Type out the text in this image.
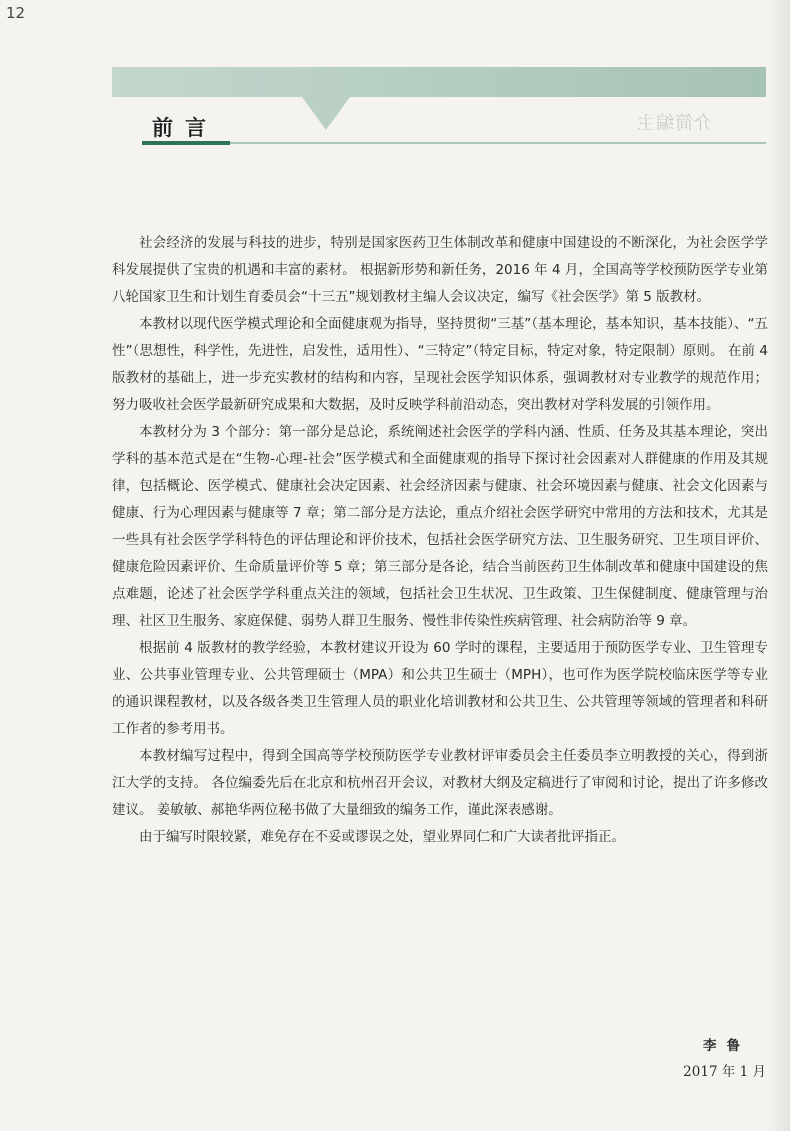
12
前言	介简编主

社会经济的发展与科技的进步，特别是国家医药卫生体制改革和健康中国建设的不断深化，为社会医学学科发展提供了宝贵的机遇和丰富的素材。 根据新形势和新任务，2016 年 4 月，全国高等学校预防医学专业第八轮国家卫生和计划生育委员会“十三五”规划教材主编人会议决定，编写《社会医学》第 5 版教材。

本教材以现代医学模式理论和全面健康观为指导，坚持贯彻“三基”（基本理论，基本知识，基本技能）、“五性”（思想性，科学性，先进性，启发性，适用性）、“三特定”（特定目标，特定对象，特定限制）原则。 在前 4 版教材的基础上，进一步充实教材的结构和内容，呈现社会医学知识体系，强调教材对专业教学的规范作用；努力吸收社会医学最新研究成果和大数据，及时反映学科前沿动态，突出教材对学科发展的引领作用。

本教材分为 3 个部分：第一部分是总论，系统阐述社会医学的学科内涵、性质、任务及其基本理论，突出学科的基本范式是在“生物-心理-社会”医学模式和全面健康观的指导下探讨社会因素对人群健康的作用及其规律，包括概论、医学模式、健康社会决定因素、社会经济因素与健康、社会环境因素与健康、社会文化因素与健康、行为心理因素与健康等 7 章；第二部分是方法论，重点介绍社会医学研究中常用的方法和技术，尤其是一些具有社会医学学科特色的评估理论和评价技术，包括社会医学研究方法、卫生服务研究、卫生项目评价、健康危险因素评价、生命质量评价等 5 章；第三部分是各论，结合当前医药卫生体制改革和健康中国建设的焦点难题，论述了社会医学学科重点关注的领域，包括社会卫生状况、卫生政策、卫生保健制度、健康管理与治理、社区卫生服务、家庭保健、弱势人群卫生服务、慢性非传染性疾病管理、社会病防治等 9 章。

根据前 4 版教材的教学经验，本教材建议开设为 60 学时的课程，主要适用于预防医学专业、卫生管理专业、公共事业管理专业、公共管理硕士（MPA）和公共卫生硕士（MPH），也可作为医学院校临床医学等专业的通识课程教材，以及各级各类卫生管理人员的职业化培训教材和公共卫生、公共管理等领域的管理者和科研工作者的参考用书。

本教材编写过程中，得到全国高等学校预防医学专业教材评审委员会主任委员李立明教授的关心，得到浙江大学的支持。 各位编委先后在北京和杭州召开会议，对教材大纲及定稿进行了审阅和讨论，提出了许多修改建议。 姜敏敏、郝艳华两位秘书做了大量细致的编务工作，谨此深表感谢。

由于编写时限较紧，难免存在不妥或谬误之处，望业界同仁和广大读者批评指正。

李鲁
2017 年 1 月
